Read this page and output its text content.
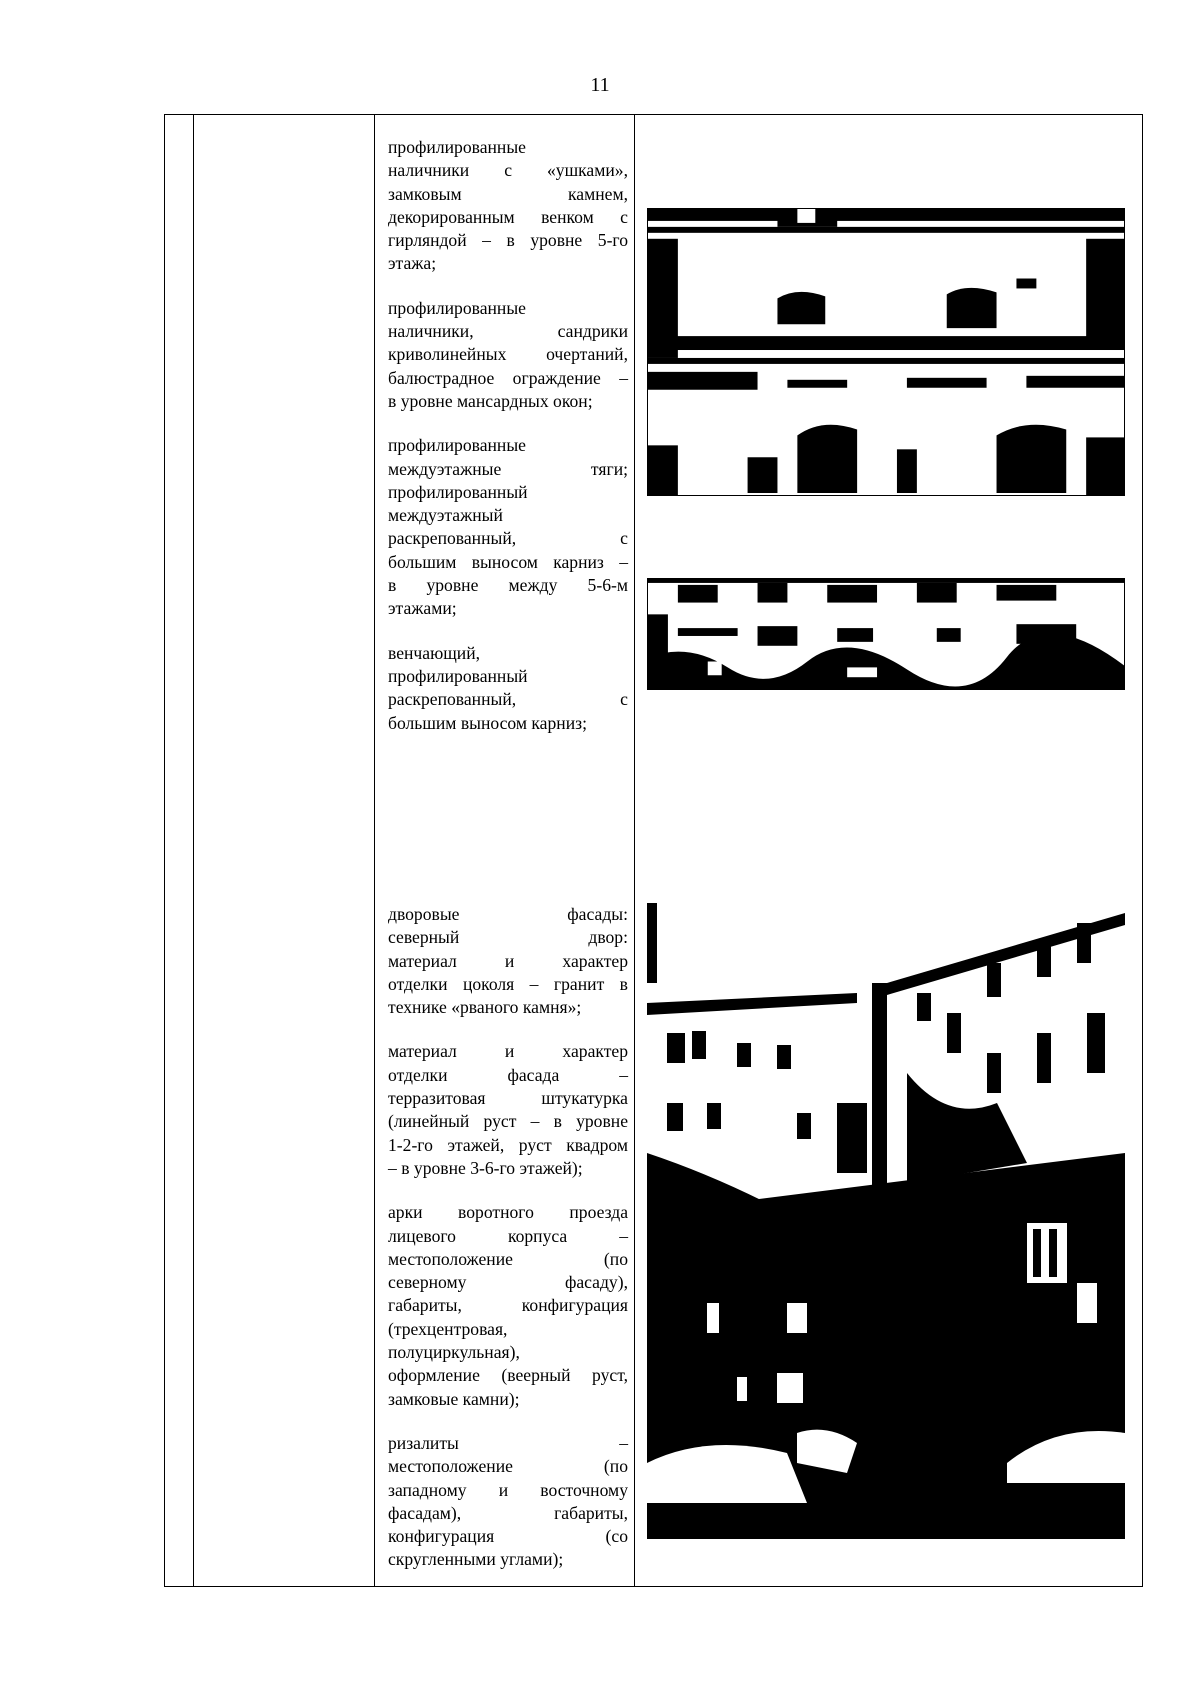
11
профилированные
наличники с «ушками»,
замковым камнем,
декорированным венком с
гирляндой – в уровне 5-го
этажа;
профилированные
наличники, сандрики
криволинейных очертаний,
балюстрадное ограждение –
в уровне мансардных окон;
профилированные
междуэтажные тяги;
профилированный
междуэтажный
раскрепованный, с
большим выносом карниз –
в уровне между 5-6-м
этажами;
венчающий,
профилированный
раскрепованный, с
большим выносом карниз;
дворовые фасады:
северный двор:
материал и характер
отделки цоколя – гранит в
технике «рваного камня»;
материал и характер
отделки фасада –
терразитовая штукатурка
(линейный руст – в уровне
1-2-го этажей, руст квадром
– в уровне 3-6-го этажей);
арки воротного проезда
лицевого корпуса –
местоположение (по
северному фасаду),
габариты, конфигурация
(трехцентровая,
полуциркульная),
оформление (веерный руст,
замковые камни);
ризалиты –
местоположение (по
западному и восточному
фасадам), габариты,
конфигурация (со
скругленными углами);
